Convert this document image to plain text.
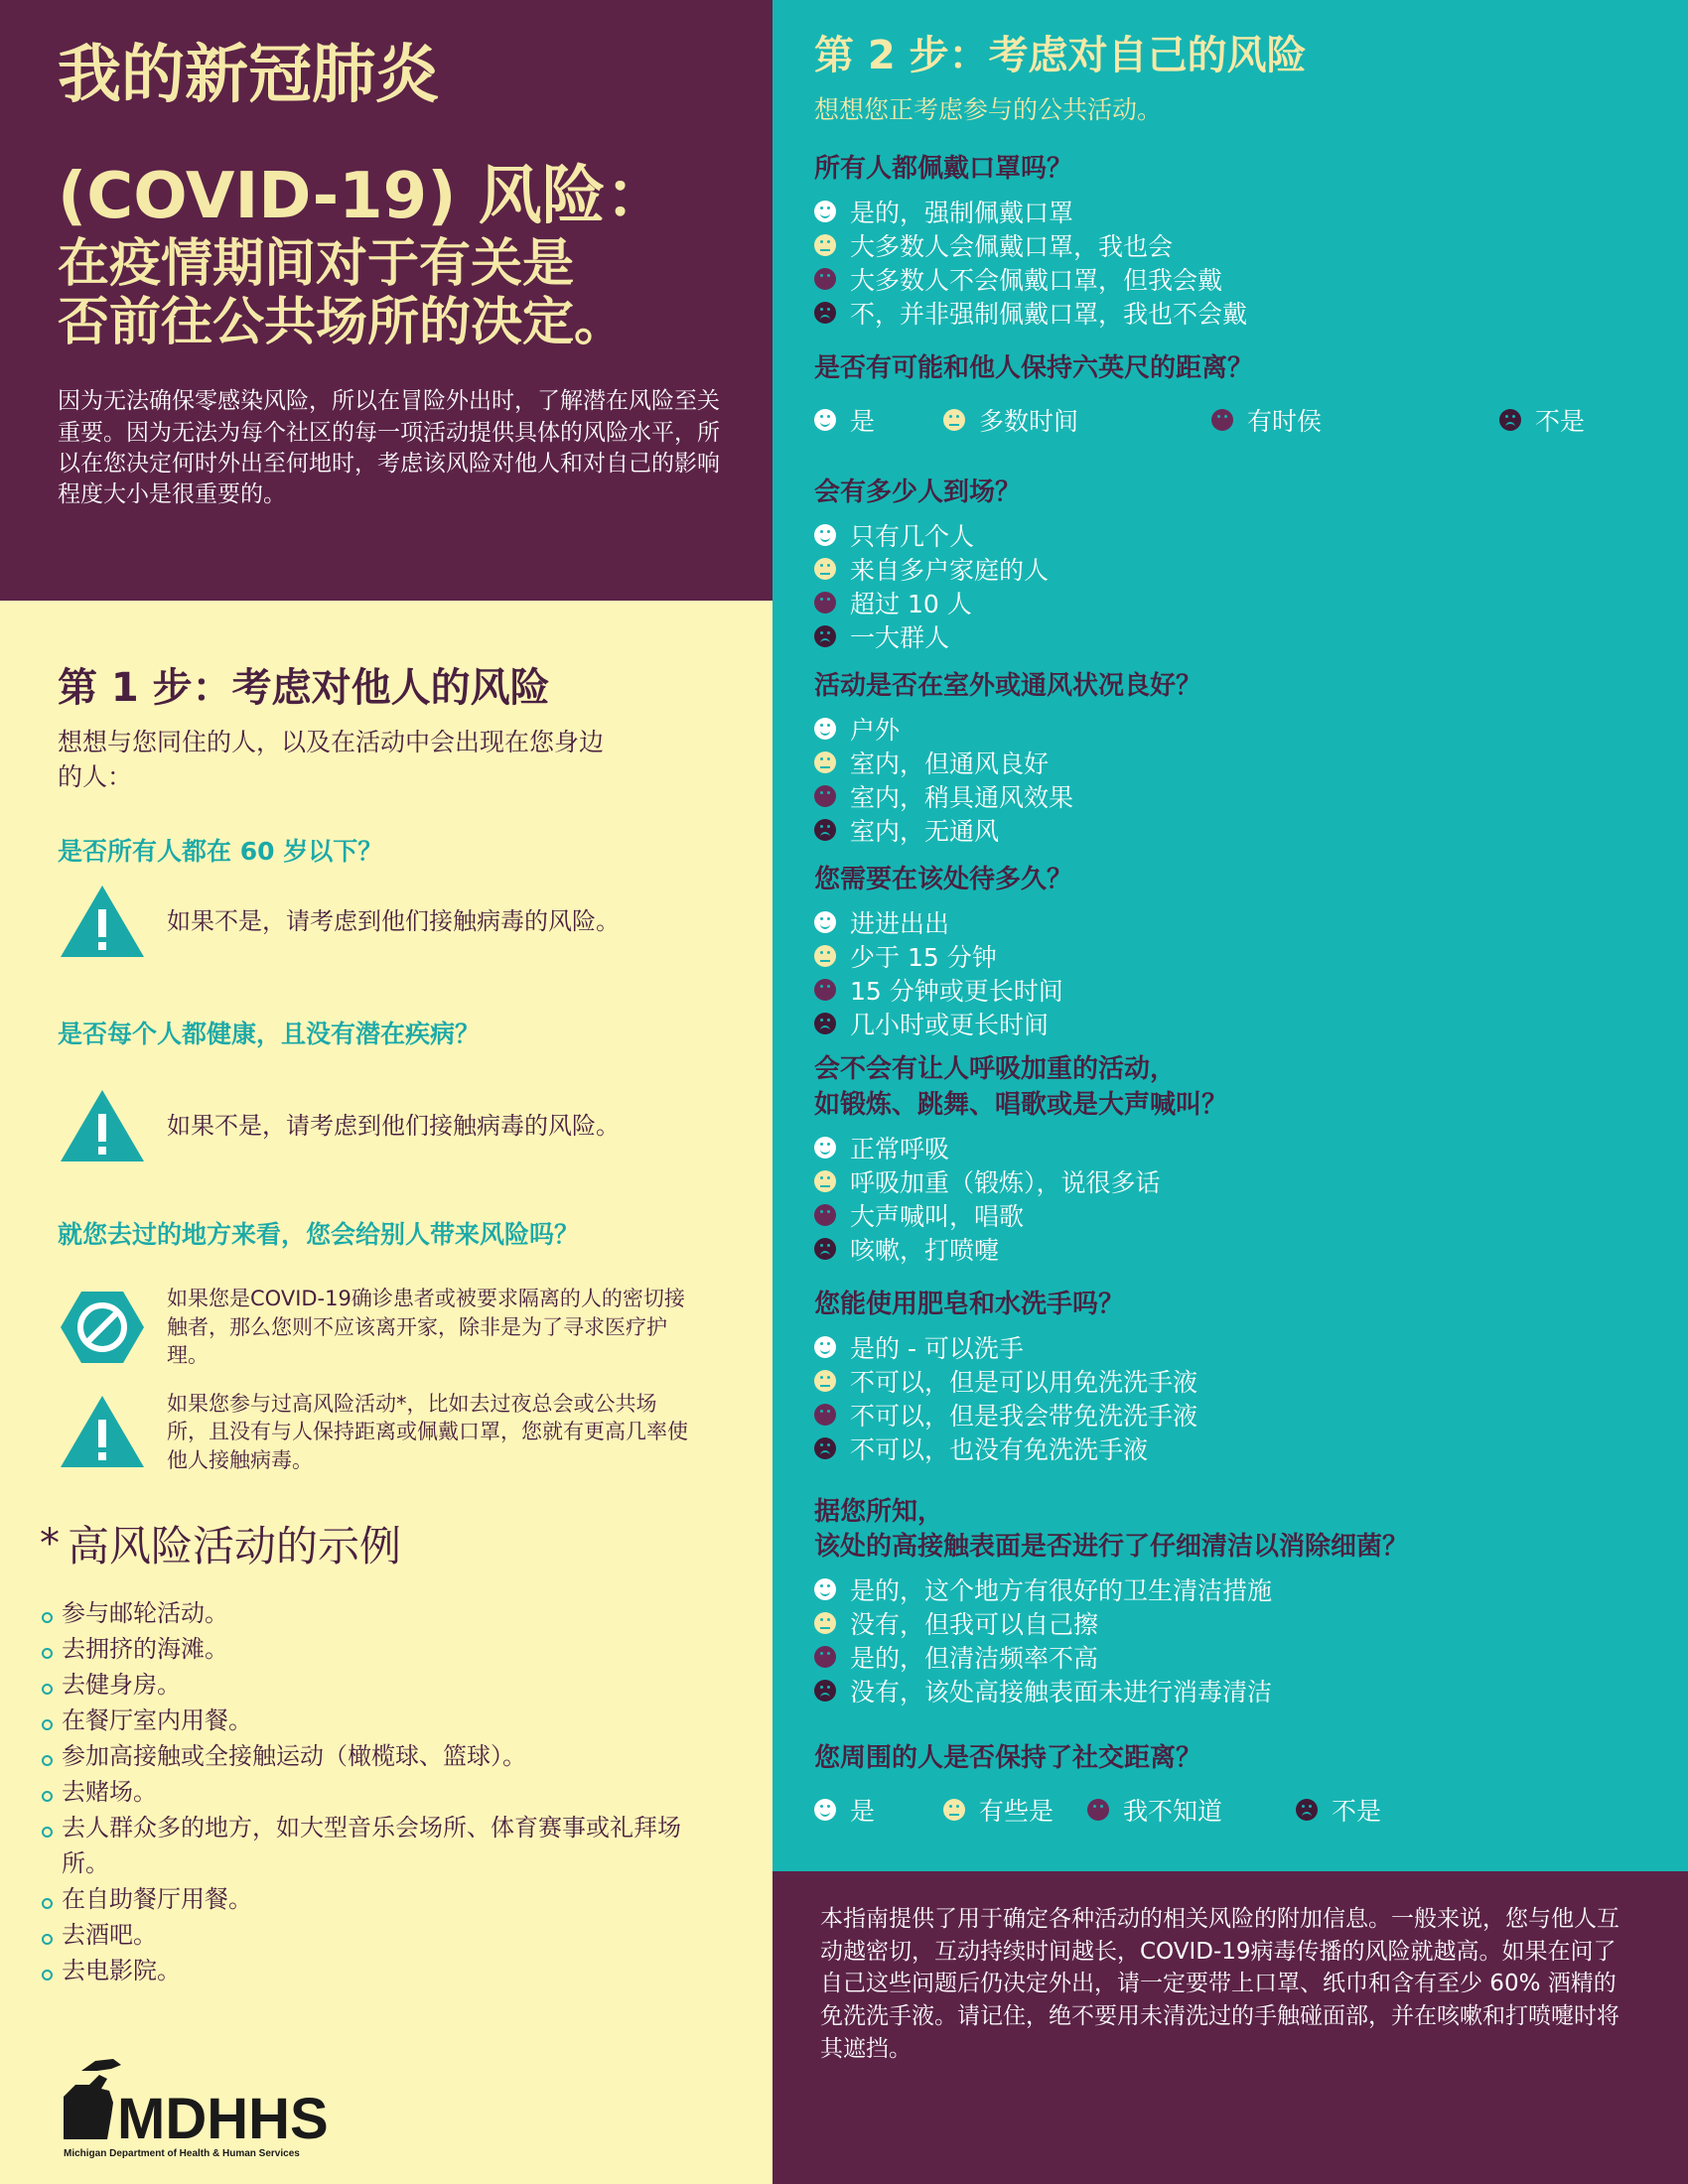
我的新冠肺炎
(COVID-19) 风险：
在疫情期间对于有关是
否前往公共场所的决定。
因为无法确保零感染风险，所以在冒险外出时，了解潜在风险至关重要。因为无法为每个社区的每一项活动提供具体的风险水平，所以在您决定何时外出至何地时，考虑该风险对他人和对自己的影响程度大小是很重要的。
第 1 步：考虑对他人的风险
想想与您同住的人，以及在活动中会出现在您身边的人：
是否所有人都在 60 岁以下？
如果不是，请考虑到他们接触病毒的风险。
是否每个人都健康，且没有潜在疾病？
如果不是，请考虑到他们接触病毒的风险。
就您去过的地方来看，您会给别人带来风险吗？
如果您是COVID-19确诊患者或被要求隔离的人的密切接触者，那么您则不应该离开家，除非是为了寻求医疗护理。
如果您参与过高风险活动*，比如去过夜总会或公共场所，且没有与人保持距离或佩戴口罩，您就有更高几率使他人接触病毒。
* 高风险活动的示例
参与邮轮活动。
去拥挤的海滩。
去健身房。
在餐厅室内用餐。
参加高接触或全接触运动（橄榄球、篮球）。
去赌场。
去人群众多的地方，如大型音乐会场所、体育赛事或礼拜场所。
在自助餐厅用餐。
去酒吧。
去电影院。
MDHHS
Michigan Department of Health & Human Services
第 2 步：考虑对自己的风险
想想您正考虑参与的公共活动。
所有人都佩戴口罩吗？
是的，强制佩戴口罩
大多数人会佩戴口罩，我也会
大多数人不会佩戴口罩，但我会戴
不，并非强制佩戴口罩，我也不会戴
是否有可能和他人保持六英尺的距离？
是	多数时间	有时侯	不是
会有多少人到场？
只有几个人
来自多户家庭的人
超过 10 人
一大群人
活动是否在室外或通风状况良好？
户外
室内，但通风良好
室内，稍具通风效果
室内，无通风
您需要在该处待多久？
进进出出
少于 15 分钟
15 分钟或更长时间
几小时或更长时间
会不会有让人呼吸加重的活动，
如锻炼、跳舞、唱歌或是大声喊叫？
正常呼吸
呼吸加重（锻炼），说很多话
大声喊叫，唱歌
咳嗽，打喷嚏
您能使用肥皂和水洗手吗？
是的 - 可以洗手
不可以，但是可以用免洗洗手液
不可以，但是我会带免洗洗手液
不可以，也没有免洗洗手液
据您所知，
该处的高接触表面是否进行了仔细清洁以消除细菌？
是的，这个地方有很好的卫生清洁措施
没有，但我可以自己擦
是的，但清洁频率不高
没有，该处高接触表面未进行消毒清洁
您周围的人是否保持了社交距离？
是	有些是	我不知道	不是
本指南提供了用于确定各种活动的相关风险的附加信息。一般来说，您与他人互动越密切，互动持续时间越长，COVID-19病毒传播的风险就越高。如果在问了自己这些问题后仍决定外出，请一定要带上口罩、纸巾和含有至少 60% 酒精的免洗洗手液。请记住，绝不要用未清洗过的手触碰面部，并在咳嗽和打喷嚏时将其遮挡。
